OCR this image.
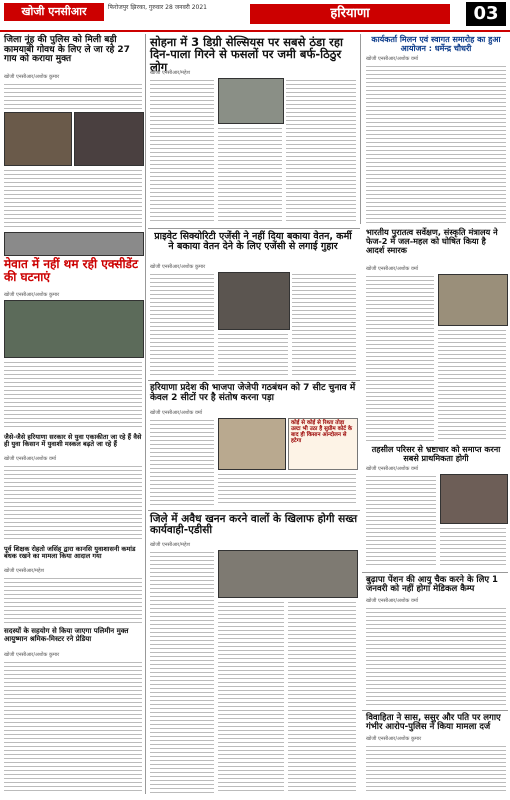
खोजी एनसीआर	फिरोजपुर झिरका, गुरुवार 28 जनवरी 2021	हरियाणा	03
जिला नूंह की पुलिस को मिली बड़ी कामयाबी गोवध के लिए ले जा रहे 27 गाय को कराया मुक्त
खोजी एनसीआर/अशोक कुमार
मेवात में नहीं थम रही एक्सीडेंट की घटनाएं
खोजी एनसीआर/अशोक कुमार
जैसे-जैसे हरियाणा सरकार से युवा एकाकीता जा रहे हैं वैसे ही युवा किसान में युवाशी मस्कल बढ़ते जा रहे हैं
खोजी एनसीआर/अशोक वर्मा
पूर्व शिक्षक रोहतो जसिंह द्वारा कानसि युवाशासनी कमांड बंधक रखने का मामला किया आदाल गया
खोजी एनसीआर/महेश
सदस्यों के सहयोग से किया जाएगा पलिमीन मुक्त आयुष्मान श्रमिक-मिस्टर रने प्रेडिया
खोजी एनसीआर/अशोक कुमार
सोहना में 3 डिग्री सेल्सियस पर सबसे ठंडा रहा दिन-पाला गिरने से फसलों पर जमी बर्फ-ठिठुर लोग
खोजी एनसीआर/महेश
कार्यकर्ता मिलन एवं स्वागत समारोह का हुआ आयोजन : धर्मेन्द्र चौधरी
खोजी एनसीआर/अशोक वर्मा
प्राइवेट सिक्योरिटी एजेंसी ने नहीं दिया बकाया वेतन, कर्मी ने बकाया वेतन देने के लिए एजेंसी से लगाई गुहार
खोजी एनसीआर/अशोक कुमार
भारतीय पुरातत्व सर्वेक्षण, संस्कृति मंत्रालय ने फेज-2 में जल-महल को घोषित किया है आदर्श स्मारक
खोजी एनसीआर/अशोक वर्मा
हरियाणा प्रदेश की भाजपा जेजेपी गठबंधन को 7 सीट चुनाव में केवल 2 सीटों पर है संतोष करना पड़ा
खोजी एनसीआर/अशोक वर्मा
कोई से कोई से रिश्ता तोड़ा उल्टा भी उठा है सुप्रीम कोर्ट के बाद ही किसान आन्दोलन से हटेगा
तहसील परिसर से भ्रष्टाचार को समाप्त करना सबसे प्राथमिकता होगी
खोजी एनसीआर/अशोक वर्मा
जिले में अवैध खनन करने वालों के खिलाफ होगी सख्त कार्यवाही-एडीसी
खोजी एनसीआर/महेश
बुढ़ापा पेंशन की आयु चैक करने के लिए 1 जनवरी को नहीं होगा मेडिकल कैम्प
खोजी एनसीआर/अशोक वर्मा
विवाहिता ने सास, ससुर और पति पर लगाए गंभीर आरोप-पुलिस ने किया मामला दर्ज
खोजी एनसीआर/अशोक कुमार
